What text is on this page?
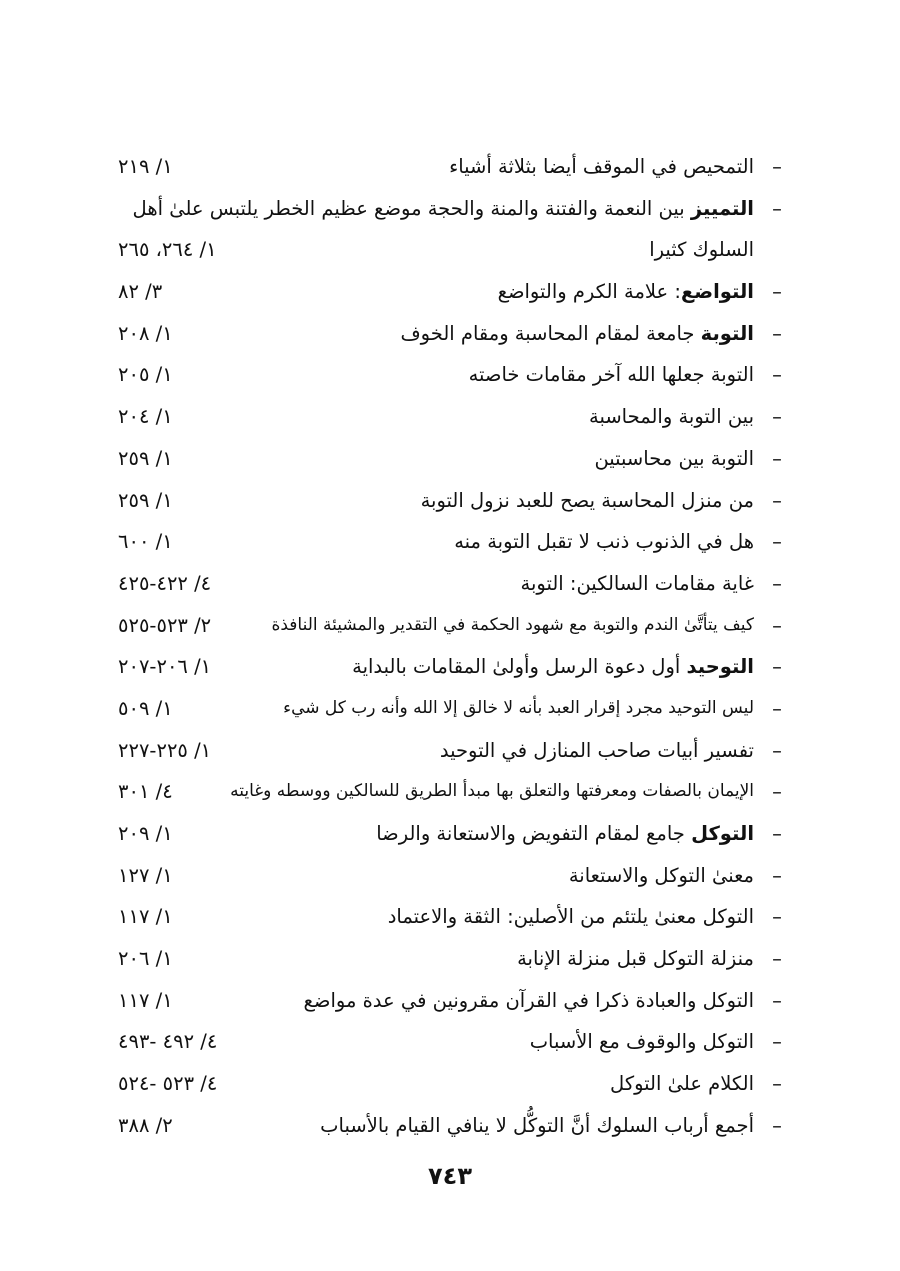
–
التمحيص في الموقف أيضا بثلاثة أشياء
١/ ٢١٩
–
التمييز بين النعمة والفتنة والمنة والحجة موضع عظيم الخطر يلتبس علىٰ أهل السلوك كثيرا
١/ ٢٦٤، ٢٦٥
–
التواضع: علامة الكرم والتواضع
٣/ ٨٢
–
التوبة جامعة لمقام المحاسبة ومقام الخوف
١/ ٢٠٨
–
التوبة جعلها الله آخر مقامات خاصته
١/ ٢٠٥
–
بين التوبة والمحاسبة
١/ ٢٠٤
–
التوبة بين محاسبتين
١/ ٢٥٩
–
من منزل المحاسبة يصح للعبد نزول التوبة
١/ ٢٥٩
–
هل في الذنوب ذنب لا تقبل التوبة منه
١/ ٦٠٠
–
غاية مقامات السالكين: التوبة
٤/ ٤٢٢-٤٢٥
–
كيف يتأتَّىٰ الندم والتوبة مع شهود الحكمة في التقدير والمشيئة النافذة
٢/ ٥٢٣-٥٢٥
–
التوحيد أول دعوة الرسل وأولىٰ المقامات بالبداية
١/ ٢٠٦-٢٠٧
–
ليس التوحيد مجرد إقرار العبد بأنه لا خالق إلا الله وأنه رب كل شيء
١/ ٥٠٩
–
تفسير أبيات صاحب المنازل في التوحيد
١/ ٢٢٥-٢٢٧
–
الإيمان بالصفات ومعرفتها والتعلق بها مبدأ الطريق للسالكين ووسطه وغايته
٤/ ٣٠١
–
التوكل جامع لمقام التفويض والاستعانة والرضا
١/ ٢٠٩
–
معنىٰ التوكل والاستعانة
١/ ١٢٧
–
التوكل معنىٰ يلتئم من الأصلين: الثقة والاعتماد
١/ ١١٧
–
منزلة التوكل قبل منزلة الإنابة
١/ ٢٠٦
–
التوكل والعبادة ذكرا في القرآن مقرونين في عدة مواضع
١/ ١١٧
–
التوكل والوقوف مع الأسباب
٤/ ٤٩٢ -٤٩٣
–
الكلام علىٰ التوكل
٤/ ٥٢٣ -٥٢٤
–
أجمع أرباب السلوك أنَّ التوكُّل لا ينافي القيام بالأسباب
٢/ ٣٨٨
٧٤٣
